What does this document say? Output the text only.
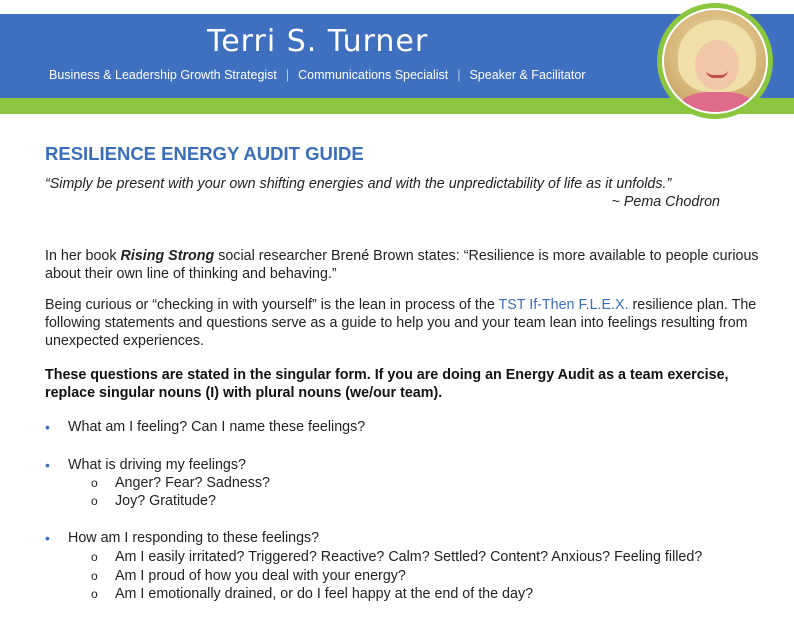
Terri S. Turner
Business & Leadership Growth Strategist | Communications Specialist | Speaker & Facilitator
RESILIENCE ENERGY AUDIT GUIDE
“Simply be present with your own shifting energies and with the unpredictability of life as it unfolds.”
~ Pema Chodron
In her book Rising Strong social researcher Brené Brown states: “Resilience is more available to people curious about their own line of thinking and behaving.”
Being curious or “checking in with yourself” is the lean in process of the TST If-Then F.L.E.X. resilience plan. The following statements and questions serve as a guide to help you and your team lean into feelings resulting from unexpected experiences.
These questions are stated in the singular form. If you are doing an Energy Audit as a team exercise, replace singular nouns (I) with plural nouns (we/our team).
• What am I feeling? Can I name these feelings?
• What is driving my feelings?
o Anger? Fear? Sadness?
o Joy? Gratitude?
• How am I responding to these feelings?
o Am I easily irritated? Triggered? Reactive? Calm? Settled? Content? Anxious? Feeling filled?
o Am I proud of how you deal with your energy?
o Am I emotionally drained, or do I feel happy at the end of the day?
